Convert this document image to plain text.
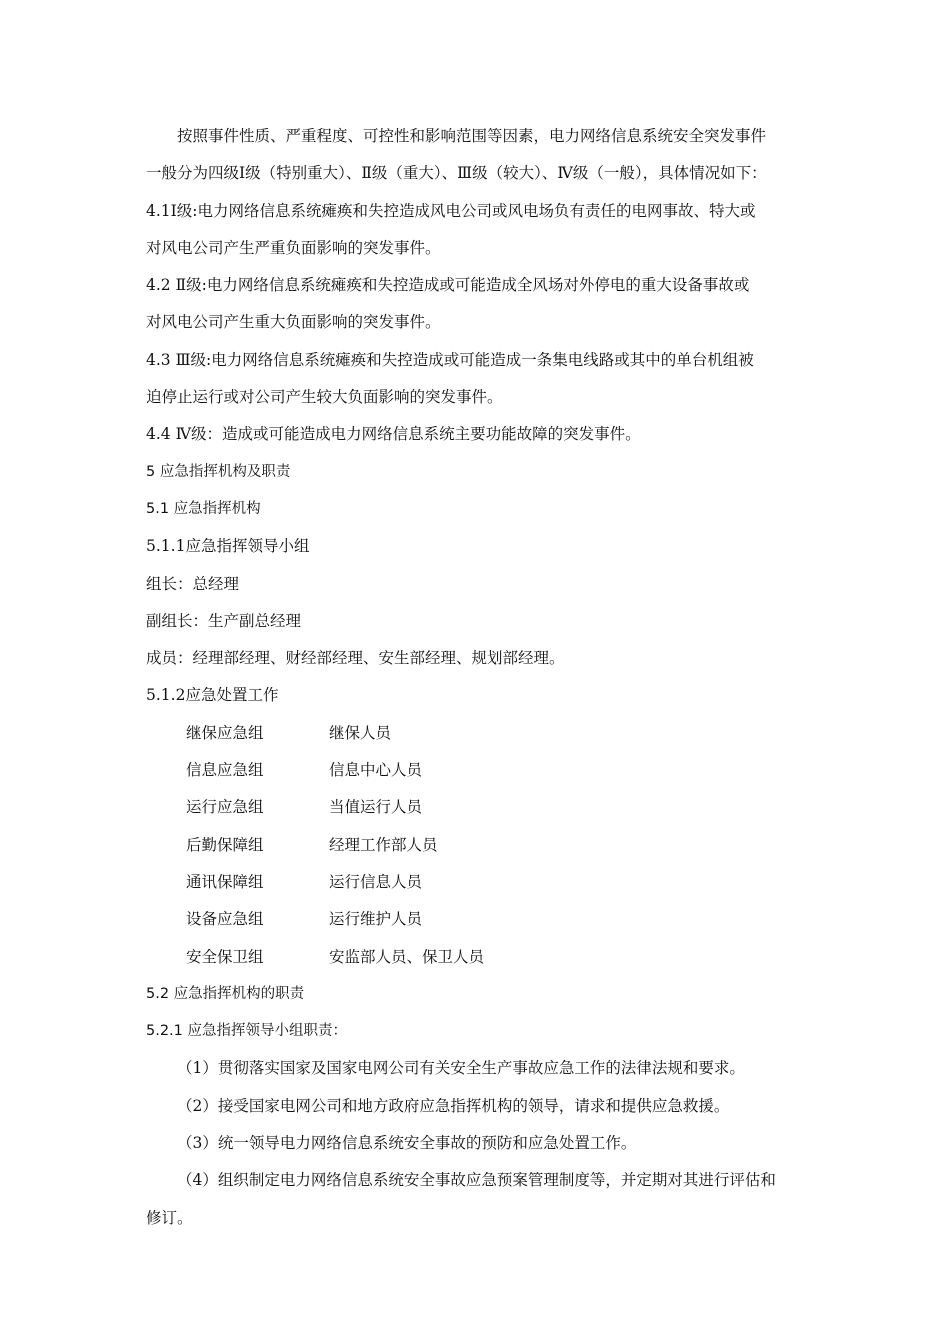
按照事件性质、严重程度、可控性和影响范围等因素，电力网络信息系统安全突发事件
一般分为四级Ⅰ级（特别重大）、Ⅱ级（重大）、Ⅲ级（较大）、Ⅳ级（一般），具体情况如下：
4.1Ⅰ级:电力网络信息系统瘫痪和失控造成风电公司或风电场负有责任的电网事故、特大或
对风电公司产生严重负面影响的突发事件。
4.2 Ⅱ级:电力网络信息系统瘫痪和失控造成或可能造成全风场对外停电的重大设备事故或
对风电公司产生重大负面影响的突发事件。
4.3 Ⅲ级:电力网络信息系统瘫痪和失控造成或可能造成一条集电线路或其中的单台机组被
迫停止运行或对公司产生较大负面影响的突发事件。
4.4 Ⅳ级：造成或可能造成电力网络信息系统主要功能故障的突发事件。
5 应急指挥机构及职责
5.1 应急指挥机构
5.1.1应急指挥领导小组
组长：总经理
副组长：生产副总经理
成员：经理部经理、财经部经理、安生部经理、规划部经理。
5.1.2应急处置工作
继保应急组	继保人员
信息应急组	信息中心人员
运行应急组	当值运行人员
后勤保障组	经理工作部人员
通讯保障组	运行信息人员
设备应急组	运行维护人员
安全保卫组	安监部人员、保卫人员
5.2 应急指挥机构的职责
5.2.1 应急指挥领导小组职责：
（1）贯彻落实国家及国家电网公司有关安全生产事故应急工作的法律法规和要求。
（2）接受国家电网公司和地方政府应急指挥机构的领导，请求和提供应急救援。
（3）统一领导电力网络信息系统安全事故的预防和应急处置工作。
（4）组织制定电力网络信息系统安全事故应急预案管理制度等，并定期对其进行评估和
修订。
